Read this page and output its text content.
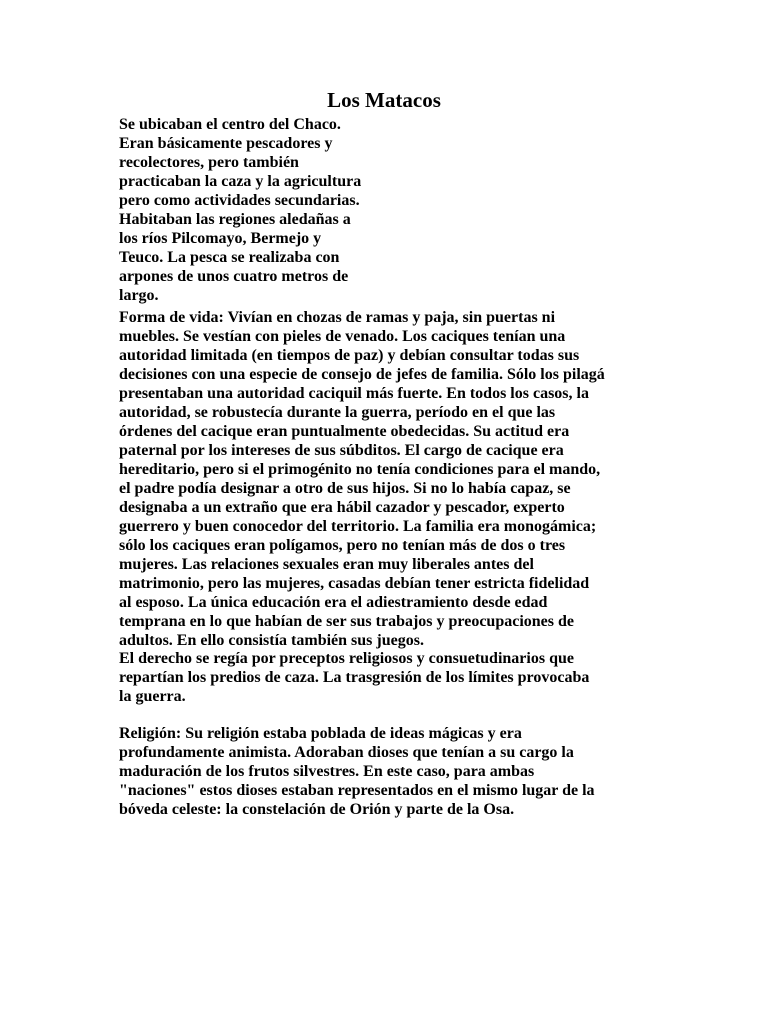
Los Matacos

Se ubicaban el centro del Chaco.
Eran básicamente pescadores y
recolectores, pero también
practicaban la caza y la agricultura
pero como actividades secundarias.
Habitaban las regiones aledañas a
los ríos Pilcomayo, Bermejo y
Teuco. La pesca se realizaba con
arpones de unos cuatro metros de
largo.

Forma de vida: Vivían en chozas de ramas y paja, sin puertas ni
muebles. Se vestían con pieles de venado. Los caciques tenían una
autoridad limitada (en tiempos de paz) y debían consultar todas sus
decisiones con una especie de consejo de jefes de familia. Sólo los pilagá
presentaban una autoridad caciquil más fuerte. En todos los casos, la
autoridad, se robustecía durante la guerra, período en el que las
órdenes del cacique eran puntualmente obedecidas. Su actitud era
paternal por los intereses de sus súbditos. El cargo de cacique era
hereditario, pero si el primogénito no tenía condiciones para el mando,
el padre podía designar a otro de sus hijos. Si no lo había capaz, se
designaba a un extraño que era hábil cazador y pescador, experto
guerrero y buen conocedor del territorio. La familia era monogámica;
sólo los caciques eran polígamos, pero no tenían más de dos o tres
mujeres. Las relaciones sexuales eran muy liberales antes del
matrimonio, pero las mujeres, casadas debían tener estricta fidelidad
al esposo. La única educación era el adiestramiento desde edad
temprana en lo que habían de ser sus trabajos y preocupaciones de
adultos. En ello consistía también sus juegos.

El derecho se regía por preceptos religiosos y consuetudinarios que
repartían los predios de caza. La trasgresión de los límites provocaba
la guerra.

Religión: Su religión estaba poblada de ideas mágicas y era
profundamente animista. Adoraban dioses que tenían a su cargo la
maduración de los frutos silvestres. En este caso, para ambas
"naciones" estos dioses estaban representados en el mismo lugar de la
bóveda celeste: la constelación de Orión y parte de la Osa.
